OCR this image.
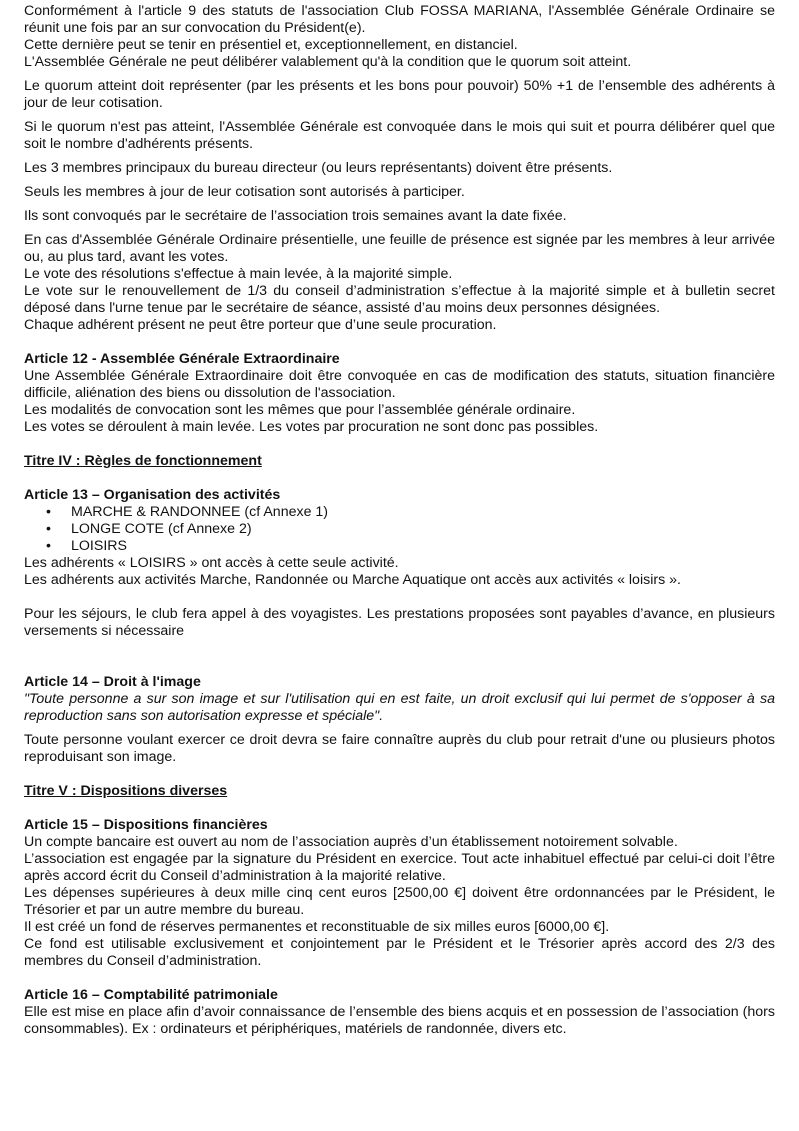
Conformément à l'article 9 des statuts de l'association Club FOSSA MARIANA, l'Assemblée Générale Ordinaire se réunit une fois par an sur convocation du Président(e).
Cette dernière peut se tenir en présentiel et, exceptionnellement, en distanciel.
L'Assemblée Générale ne peut délibérer valablement qu'à la condition que le quorum soit atteint.
Le quorum atteint doit représenter (par les présents et les bons pour pouvoir) 50% +1 de l’ensemble des adhérents à jour de leur cotisation.
Si le quorum n'est pas atteint, l'Assemblée Générale est convoquée dans le mois qui suit et pourra délibérer quel que soit le nombre d'adhérents présents.
Les 3 membres principaux du bureau directeur (ou leurs représentants) doivent être présents.
Seuls les membres à jour de leur cotisation sont autorisés à participer.
Ils sont convoqués par le secrétaire de l’association trois semaines avant la date fixée.
En cas d'Assemblée Générale Ordinaire présentielle, une feuille de présence est signée par les membres à leur arrivée ou, au plus tard, avant les votes.
Le vote des résolutions s'effectue à main levée, à la majorité simple.
Le vote sur le renouvellement de 1/3 du conseil d’administration s’effectue à la majorité simple et à bulletin secret déposé dans l'urne tenue par le secrétaire de séance, assisté d’au moins deux personnes désignées.
Chaque adhérent présent ne peut être porteur que d’une seule procuration.
Article 12 - Assemblée Générale Extraordinaire
Une Assemblée Générale Extraordinaire doit être convoquée en cas de modification des statuts, situation financière difficile, aliénation des biens ou dissolution de l'association.
Les modalités de convocation sont les mêmes que pour l’assemblée générale ordinaire.
Les votes se déroulent à main levée. Les votes par procuration ne sont donc pas possibles.
Titre IV : Règles de fonctionnement
Article 13 – Organisation des activités
• MARCHE & RANDONNEE (cf Annexe 1)
• LONGE COTE (cf Annexe 2)
• LOISIRS
Les adhérents « LOISIRS » ont accès à cette seule activité.
Les adhérents aux activités Marche, Randonnée ou Marche Aquatique ont accès aux activités « loisirs ».
Pour les séjours, le club fera appel à des voyagistes. Les prestations proposées sont payables d’avance, en plusieurs versements si nécessaire
Article 14 – Droit à l'image
"Toute personne a sur son image et sur l'utilisation qui en est faite, un droit exclusif qui lui permet de s'opposer à sa reproduction sans son autorisation expresse et spéciale".
Toute personne voulant exercer ce droit devra se faire connaître auprès du club pour retrait d'une ou plusieurs photos reproduisant son image.
Titre V : Dispositions diverses
Article 15 – Dispositions financières
Un compte bancaire est ouvert au nom de l’association auprès d’un établissement notoirement solvable.
L’association est engagée par la signature du Président en exercice. Tout acte inhabituel effectué par celui-ci doit l’être après accord écrit du Conseil d’administration à la majorité relative.
Les dépenses supérieures à deux mille cinq cent euros [2500,00 €] doivent être ordonnancées par le Président, le Trésorier et par un autre membre du bureau.
Il est créé un fond de réserves permanentes et reconstituable de six milles euros [6000,00 €].
Ce fond est utilisable exclusivement et conjointement par le Président et le Trésorier après accord des 2/3 des membres du Conseil d’administration.
Article 16 – Comptabilité patrimoniale
Elle est mise en place afin d’avoir connaissance de l’ensemble des biens acquis et en possession de l’association (hors consommables). Ex : ordinateurs et périphériques, matériels de randonnée, divers etc.
